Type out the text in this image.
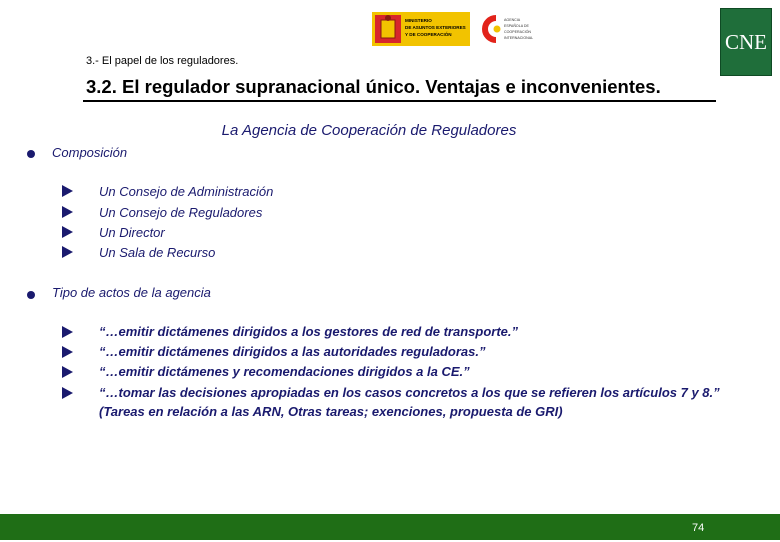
MINISTERIO
DE ASUNTOS EXTERIORES
Y DE COOPERACIÓN
AGENCIA
ESPAÑOLA DE
COOPERACIÓN
INTERNACIONAL	CNE
3.- El papel de los reguladores.
3.2. El regulador supranacional único. Ventajas e inconvenientes.
La Agencia de Cooperación de Reguladores
Composición
Un Consejo de Administración
Un Consejo de Reguladores
Un Director
Un Sala de Recurso
Tipo de actos de la agencia
“…emitir dictámenes dirigidos a los gestores de red de transporte.”
“…emitir dictámenes dirigidos a las autoridades reguladoras.”
“…emitir dictámenes y recomendaciones dirigidos a la CE.”
“…tomar las decisiones apropiadas en los casos concretos a los que se refieren los artículos 7 y 8.” (Tareas en relación a las ARN, Otras tareas; exenciones, propuesta de GRI)
74
